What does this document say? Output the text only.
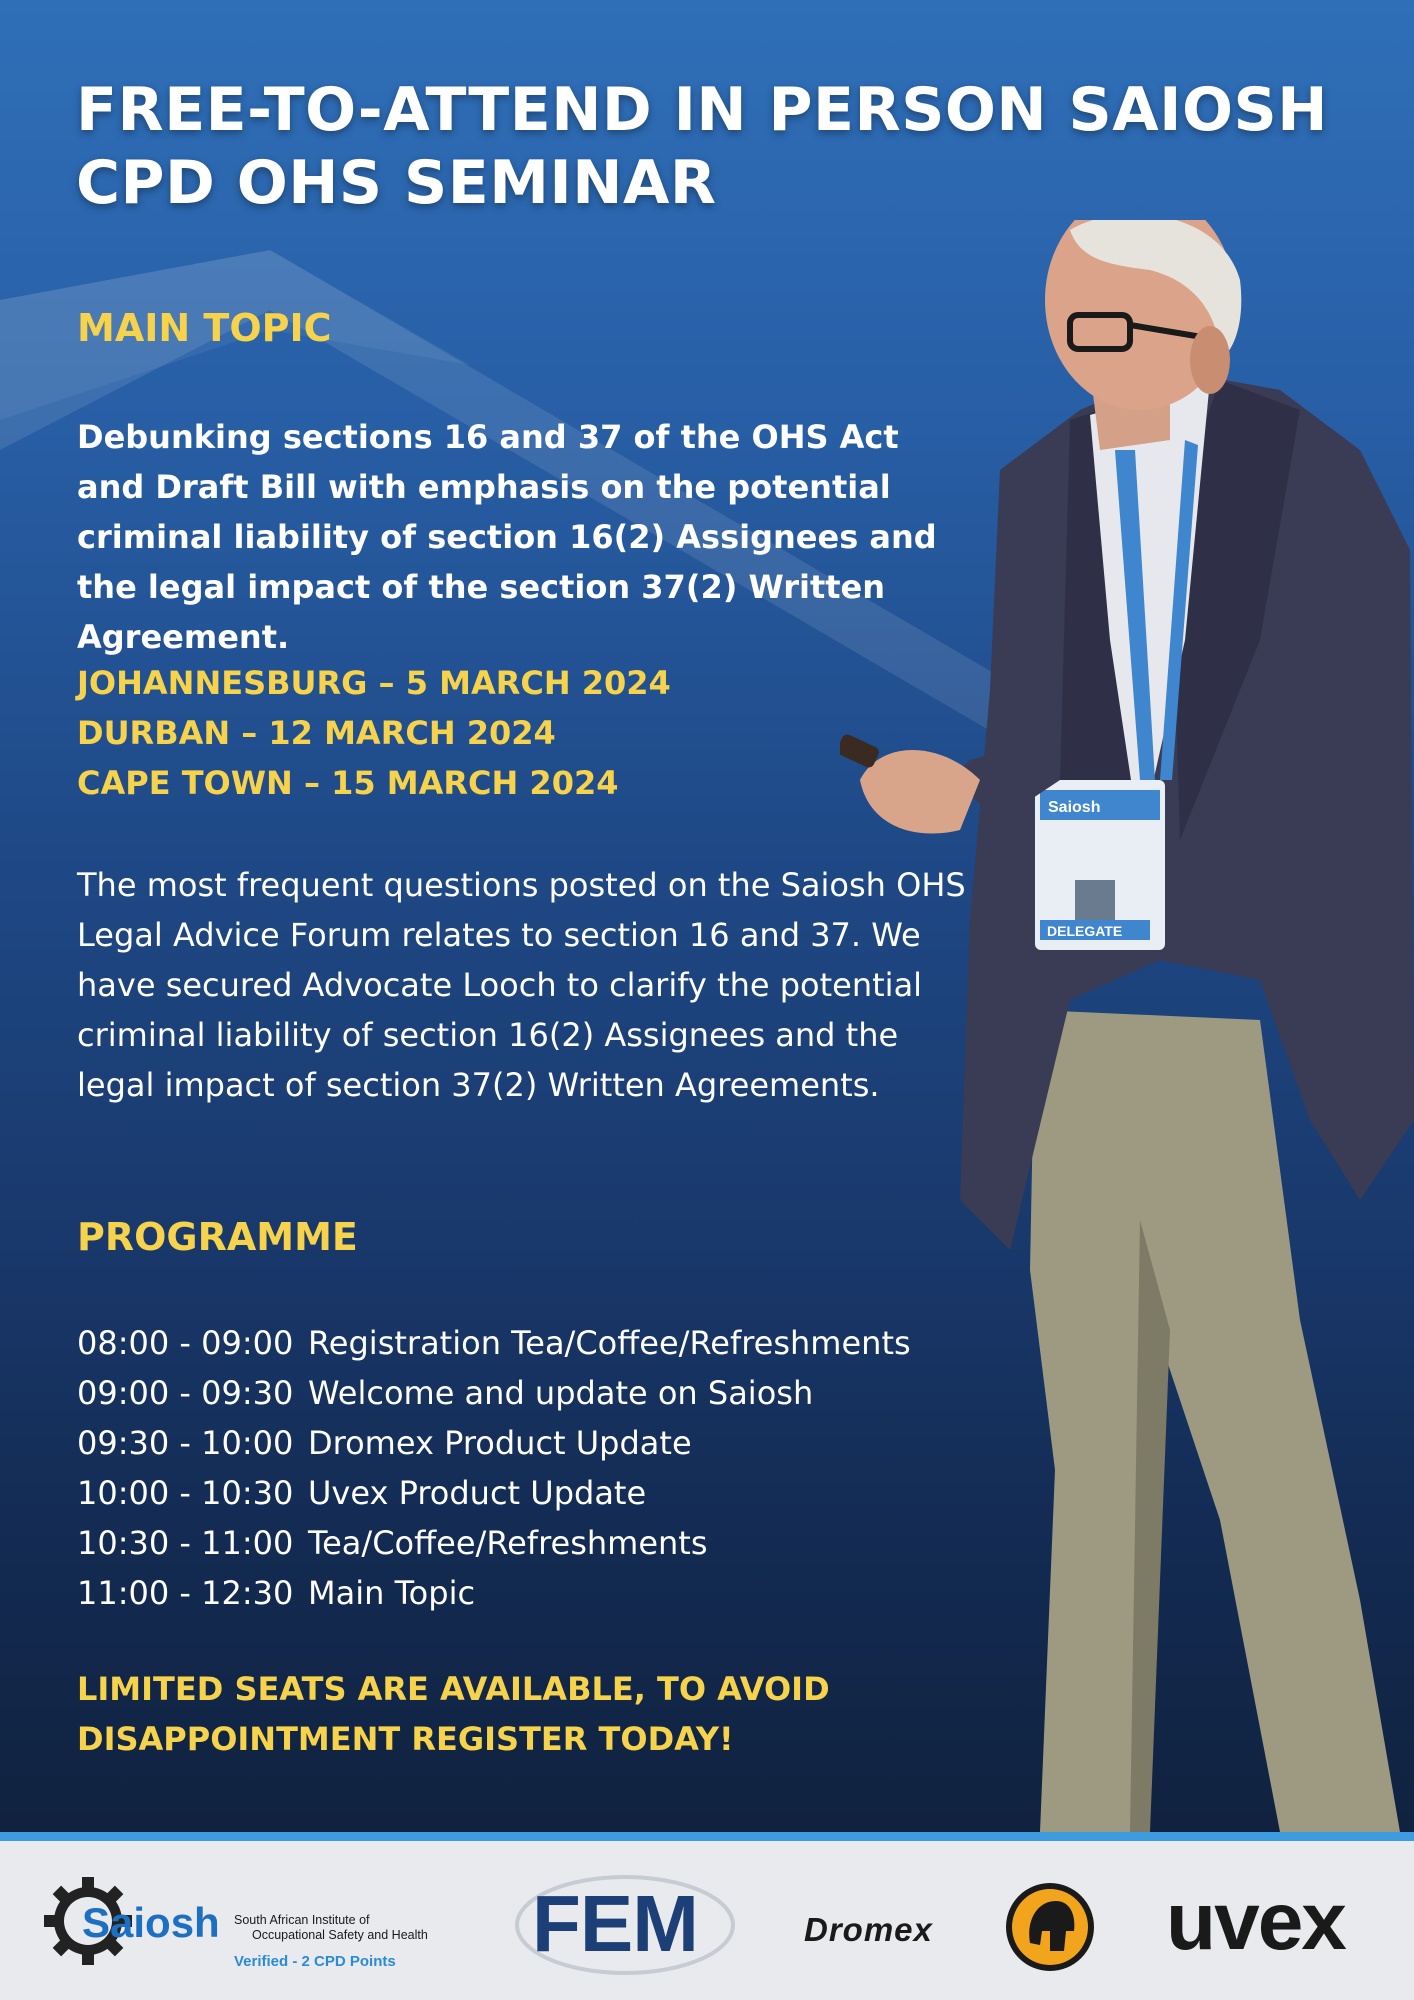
Saiosh
DELEGATE
FREE-TO-ATTEND IN PERSON SAIOSH CPD OHS SEMINAR
MAIN TOPIC

Debunking sections 16 and 37 of the OHS Act and Draft Bill with emphasis on the potential criminal liability of section 16(2) Assignees and the legal impact of the section 37(2) Written Agreement.

JOHANNESBURG – 5 MARCH 2024
DURBAN – 12 MARCH 2024
CAPE TOWN – 15 MARCH 2024

The most frequent questions posted on the Saiosh OHS Legal Advice Forum relates to section 16 and 37. We have secured Advocate Looch to clarify the potential criminal liability of section 16(2) Assignees and the legal impact of section 37(2) Written Agreements.

PROGRAMME
08:00 - 09:00 Registration Tea/Coffee/Refreshments
09:00 - 09:30 Welcome and update on Saiosh
09:30 - 10:00 Dromex Product Update
10:00 - 10:30 Uvex Product Update
10:30 - 11:00 Tea/Coffee/Refreshments
11:00 - 12:30 Main Topic

LIMITED SEATS ARE AVAILABLE, TO AVOID DISAPPOINTMENT REGISTER TODAY!

Saiosh South African Institute of
Occupational Safety and Health
Verified - 2 CPD Points FEM	Dromex	uvex
